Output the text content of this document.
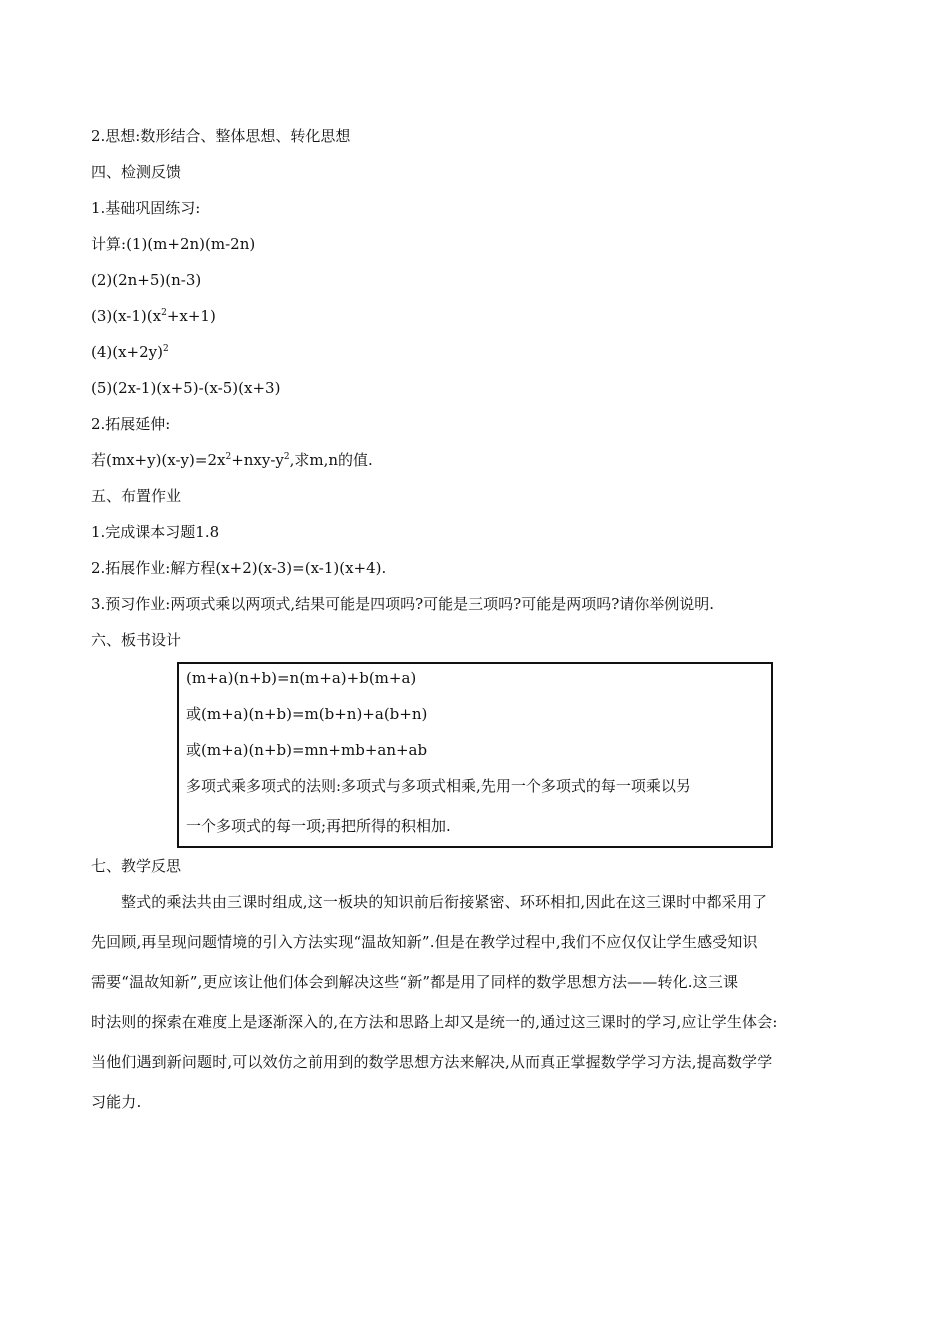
2.思想:数形结合、整体思想、转化思想
四、检测反馈
1.基础巩固练习:
计算:(1)(m+2n)(m-2n)
(2)(2n+5)(n-3)
$(3)(x-1)(x^2+x+1)$
$(4)(x+2y)^2$
(5)(2x-1)(x+5)-(x-5)(x+3)
2.拓展延伸:
若$(mx+y)(x-y)=2x^2+nxy-y^2$,求m,n的值.
五、布置作业
1.完成课本习题1.8
2.拓展作业:解方程(x+2)(x-3)=(x-1)(x+4).
3.预习作业:两项式乘以两项式,结果可能是四项吗?可能是三项吗?可能是两项吗?请你举例说明.
六、板书设计
(m+a)(n+b)=n(m+a)+b(m+a)
或(m+a)(n+b)=m(b+n)+a(b+n)
或(m+a)(n+b)=mn+mb+an+ab
多项式乘多项式的法则:多项式与多项式相乘,先用一个多项式的每一项乘以另
一个多项式的每一项;再把所得的积相加.
七、教学反思
整式的乘法共由三课时组成,这一板块的知识前后衔接紧密、环环相扣,因此在这三课时中都采用了
先回顾,再呈现问题情境的引入方法实现“温故知新”.但是在教学过程中,我们不应仅仅让学生感受知识
需要“温故知新”,更应该让他们体会到解决这些“新”都是用了同样的数学思想方法——转化.这三课
时法则的探索在难度上是逐渐深入的,在方法和思路上却又是统一的,通过这三课时的学习,应让学生体会:
当他们遇到新问题时,可以效仿之前用到的数学思想方法来解决,从而真正掌握数学学习方法,提高数学学
习能力.
